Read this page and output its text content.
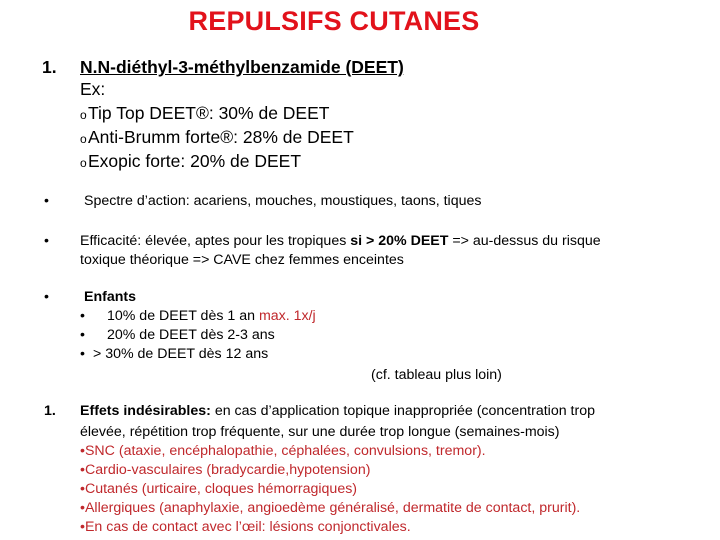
REPULSIFS CUTANES
1. N.N-diéthyl-3-méthylbenzamide (DEET)
Ex:
oTip Top DEET®: 30% de DEET
oAnti-Brumm forte®: 28% de DEET
oExopic forte: 20% de DEET
• Spectre d’action: acariens, mouches, moustiques, taons, tiques
• Efficacité: élevée, aptes pour les tropiques si > 20% DEET => au-dessus du risque
toxique théorique => CAVE chez femmes enceintes
• Enfants
• 10% de DEET dès 1 an max. 1x/j
• 20% de DEET dès 2-3 ans
• > 30% de DEET dès 12 ans
(cf. tableau plus loin)
1. Effets indésirables: en cas d’application topique inappropriée (concentration trop
élevée, répétition trop fréquente, sur une durée trop longue (semaines-mois)
•SNC (ataxie, encéphalopathie, céphalées, convulsions, tremor).
•Cardio-vasculaires (bradycardie,hypotension)
•Cutanés (urticaire, cloques hémorragiques)
•Allergiques (anaphylaxie, angioedème généralisé, dermatite de contact, prurit).
•En cas de contact avec l’œil: lésions conjonctivales.
